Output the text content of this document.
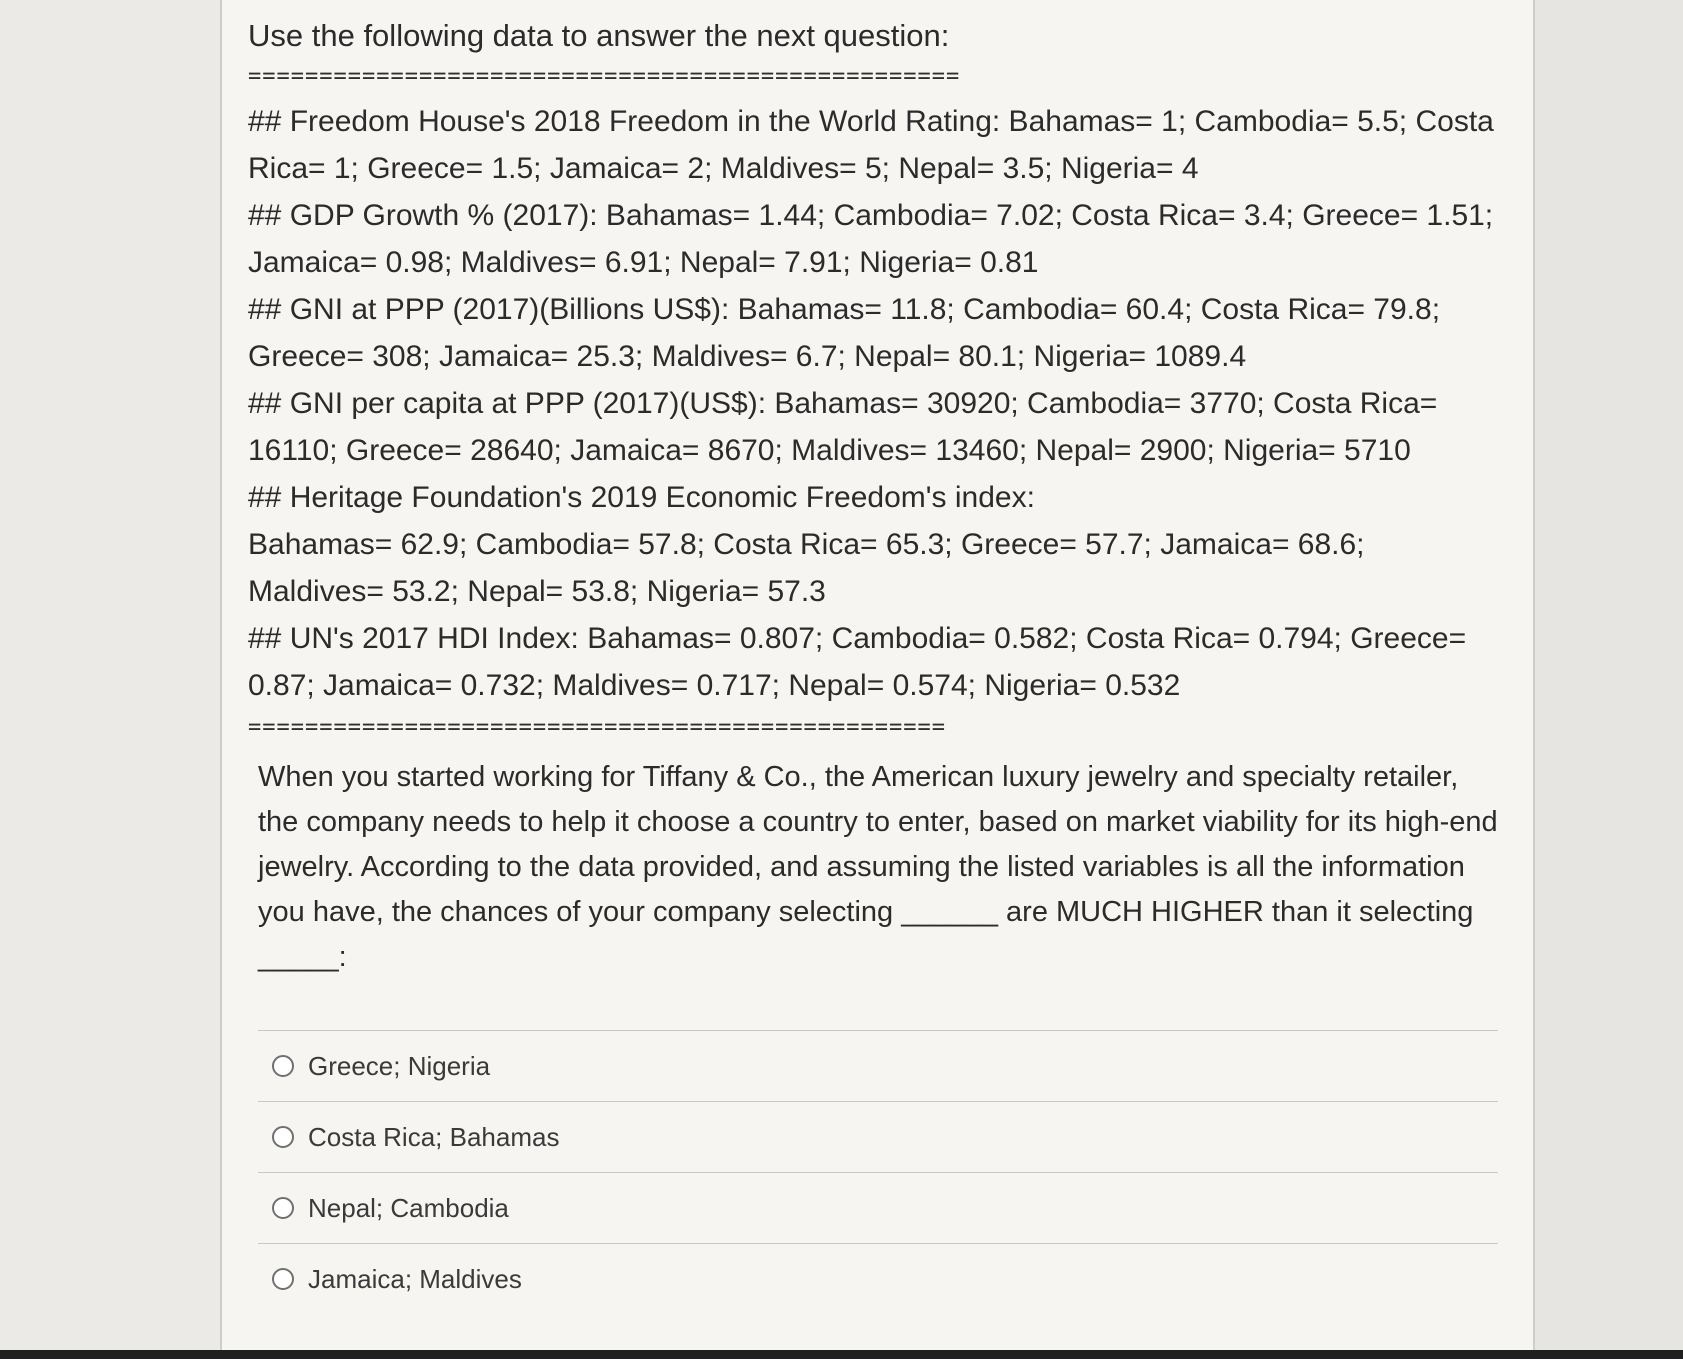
Use the following data to answer the next question:

==================================================

## Freedom House's 2018 Freedom in the World Rating: Bahamas= 1; Cambodia= 5.5; Costa Rica= 1; Greece= 1.5; Jamaica= 2; Maldives= 5; Nepal= 3.5; Nigeria= 4

## GDP Growth % (2017): Bahamas= 1.44; Cambodia= 7.02; Costa Rica= 3.4; Greece= 1.51; Jamaica= 0.98; Maldives= 6.91; Nepal= 7.91; Nigeria= 0.81

## GNI at PPP (2017)(Billions US$): Bahamas= 11.8; Cambodia= 60.4; Costa Rica= 79.8; Greece= 308; Jamaica= 25.3; Maldives= 6.7; Nepal= 80.1; Nigeria= 1089.4

## GNI per capita at PPP (2017)(US$): Bahamas= 30920; Cambodia= 3770; Costa Rica= 16110; Greece= 28640; Jamaica= 8670; Maldives= 13460; Nepal= 2900; Nigeria= 5710

## Heritage Foundation's 2019 Economic Freedom's index:

Bahamas= 62.9; Cambodia= 57.8; Costa Rica= 65.3; Greece= 57.7; Jamaica= 68.6; Maldives= 53.2; Nepal= 53.8; Nigeria= 57.3

## UN's 2017 HDI Index: Bahamas= 0.807; Cambodia= 0.582; Costa Rica= 0.794; Greece= 0.87; Jamaica= 0.732; Maldives= 0.717; Nepal= 0.574; Nigeria= 0.532

=================================================

When you started working for Tiffany & Co., the American luxury jewelry and specialty retailer, the company needs to help it choose a country to enter, based on market viability for its high-end jewelry. According to the data provided, and assuming the listed variables is all the information you have, the chances of your company selecting ______ are MUCH HIGHER than it selecting _____:

Greece; Nigeria
Costa Rica; Bahamas
Nepal; Cambodia
Jamaica; Maldives
